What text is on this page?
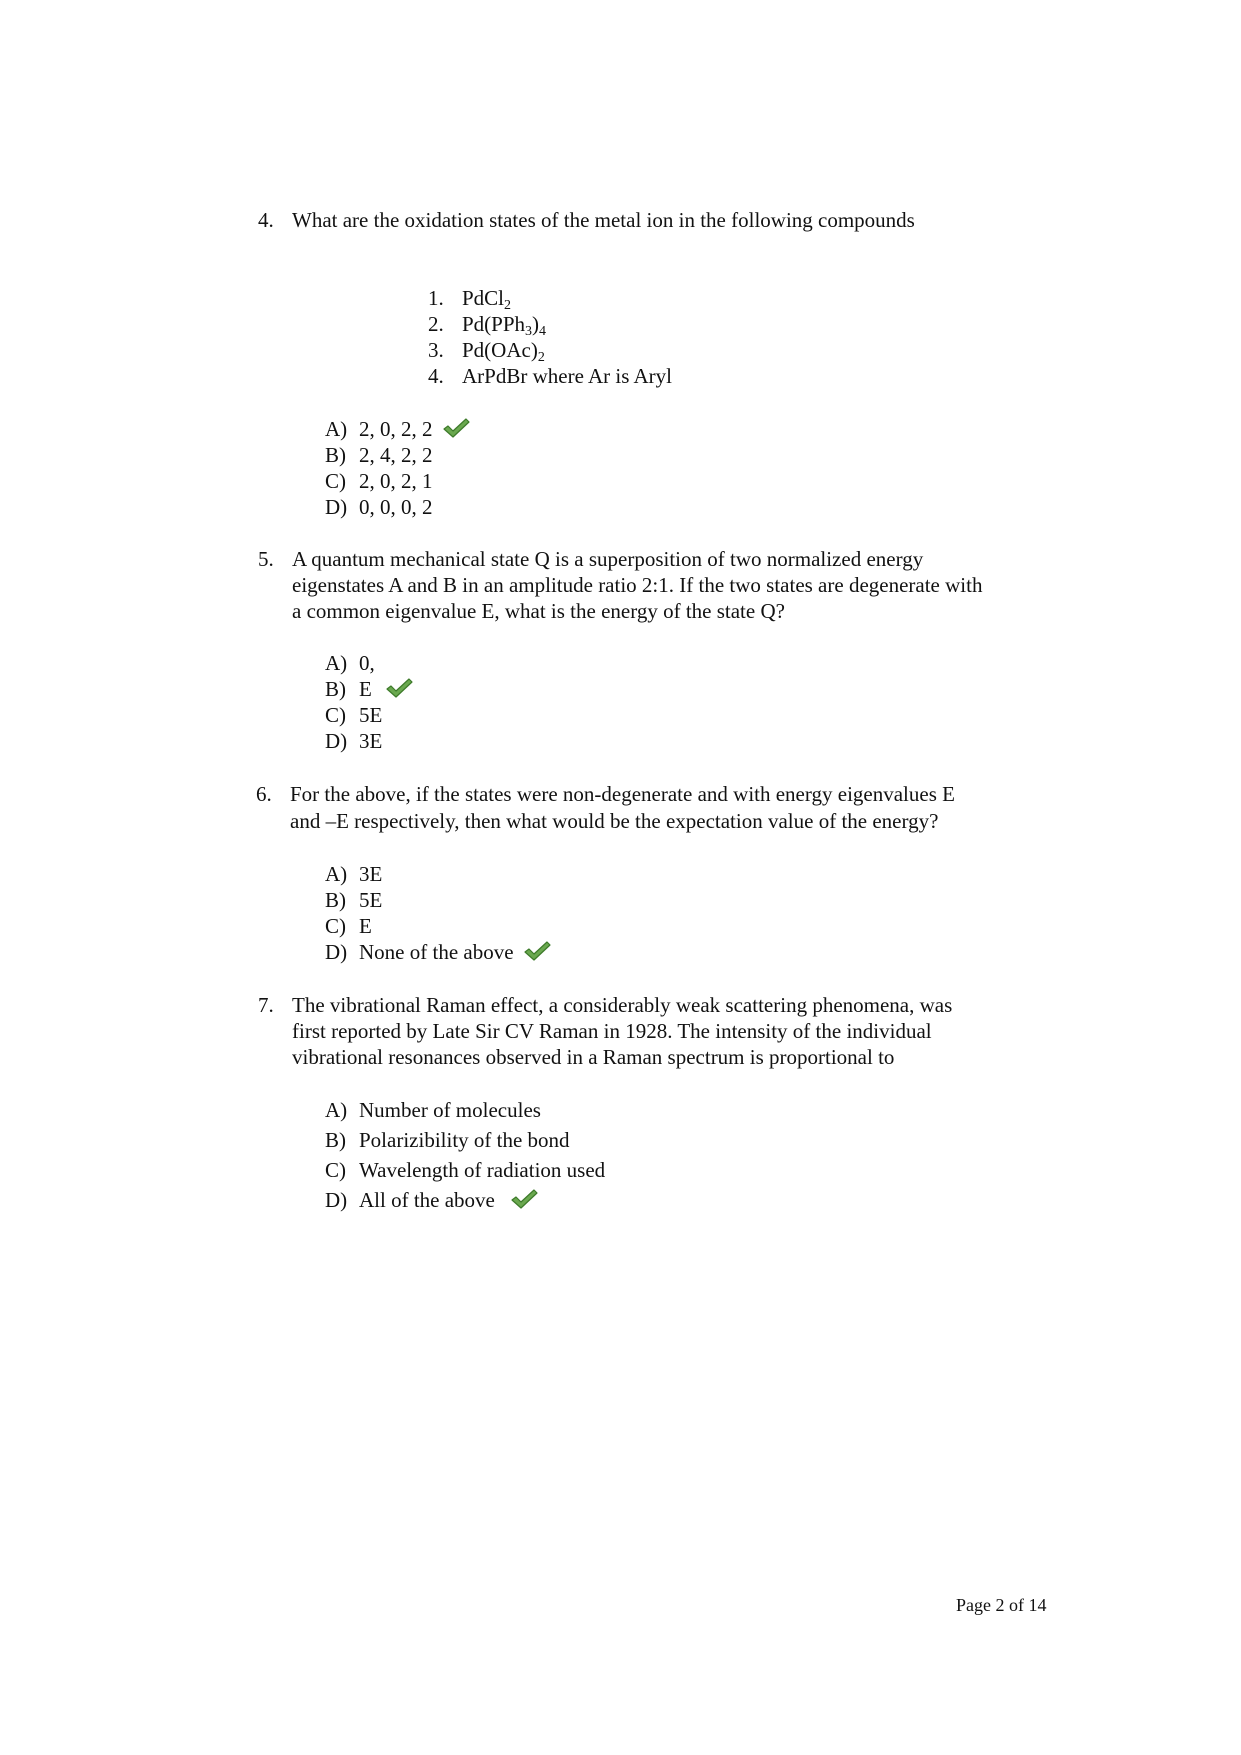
4. What are the oxidation states of the metal ion in the following compounds
1. PdCl$_2$
2. $Pd(PPh_3)_4$
3. $Pd(OAc)_2$
4. ArPdBr where Ar is Aryl
A) 2, 0, 2, 2
B) 2, 4, 2, 2
C) 2, 0, 2, 1
D) 0, 0, 0, 2
5. A quantum mechanical state Q is a superposition of two normalized energy
eigenstates A and B in an amplitude ratio 2:1. If the two states are degenerate with
a common eigenvalue E, what is the energy of the state Q?
A) 0,
B) E
C) 5E
D) 3E
6. For the above, if the states were non-degenerate and with energy eigenvalues E
and –E respectively, then what would be the expectation value of the energy?
A) 3E
B) 5E
C) E
D) None of the above
7. The vibrational Raman effect, a considerably weak scattering phenomena, was
first reported by Late Sir CV Raman in 1928. The intensity of the individual
vibrational resonances observed in a Raman spectrum is proportional to
A) Number of molecules
B) Polarizibility of the bond
C) Wavelength of radiation used
D) All of the above
Page 2 of 14
